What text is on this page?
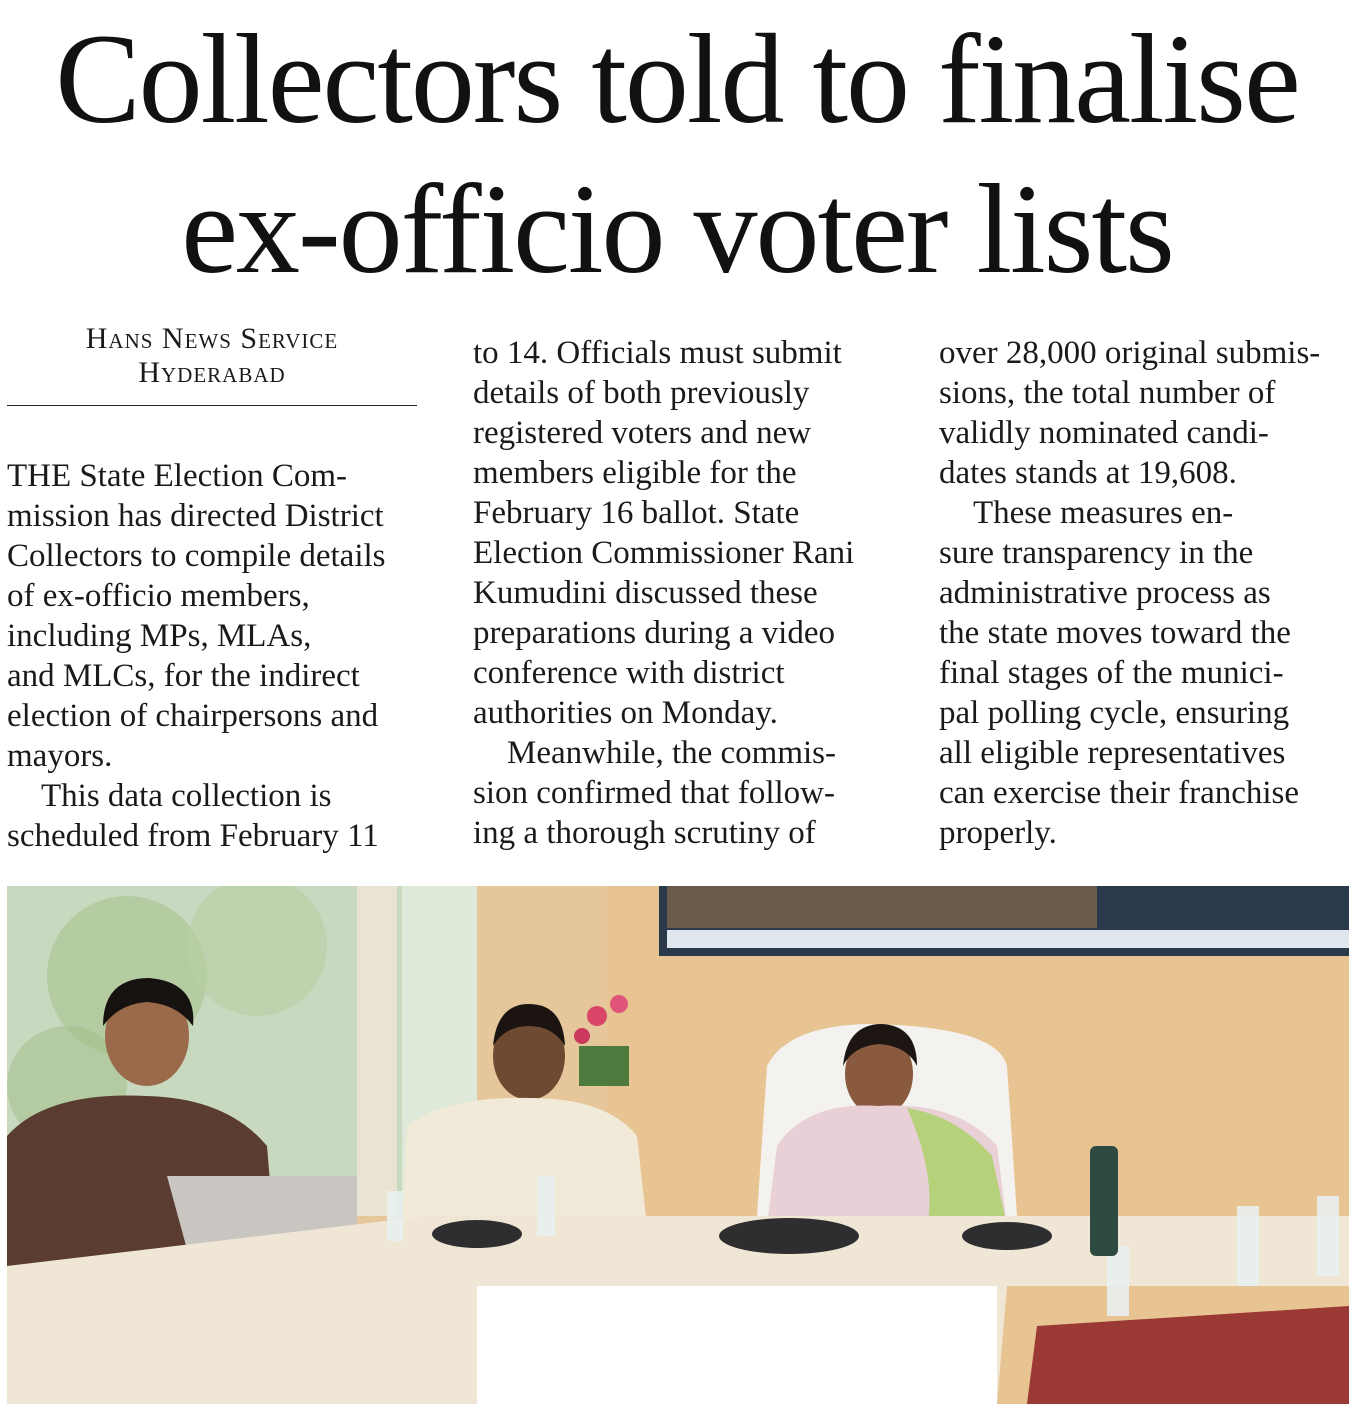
Collectors told to finalise
ex-officio voter lists
Hans News Service
Hyderabad
THE State Election Com-
mission has directed District
Collectors to compile details
of ex-officio members,
including MPs, MLAs,
and MLCs, for the indirect
election of chairpersons and
mayors.
This data collection is
scheduled from February 11
to 14. Officials must submit
details of both previously
registered voters and new
members eligible for the
February 16 ballot. State
Election Commissioner Rani
Kumudini discussed these
preparations during a video
conference with district
authorities on Monday.
Meanwhile, the commis-
sion confirmed that follow-
ing a thorough scrutiny of
over 28,000 original submis-
sions, the total number of
validly nominated candi-
dates stands at 19,608.
These measures en-
sure transparency in the
administrative process as
the state moves toward the
final stages of the munici-
pal polling cycle, ensuring
all eligible representatives
can exercise their franchise
properly.
